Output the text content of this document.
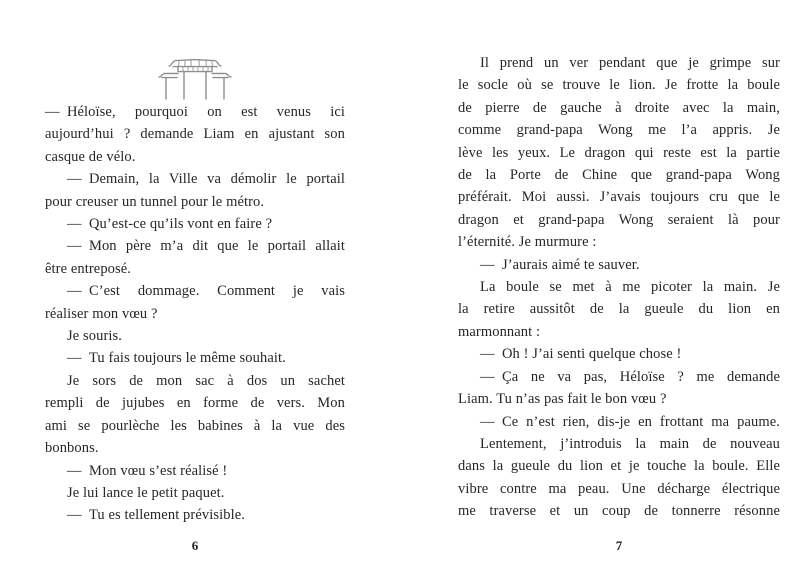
— Héloïse, pourquoi on est venus ici
aujourd’hui ? demande Liam en ajustant son
casque de vélo.
— Demain, la Ville va démolir le portail
pour creuser un tunnel pour le métro.
— Qu’est-ce qu’ils vont en faire ?
— Mon père m’a dit que le portail allait
être entreposé.
— C’est dommage. Comment je vais
réaliser mon vœu ?
Je souris.
— Tu fais toujours le même souhait.
Je sors de mon sac à dos un sachet
rempli de jujubes en forme de vers. Mon
ami se pourlèche les babines à la vue des
bonbons.
— Mon vœu s’est réalisé !
Je lui lance le petit paquet.
— Tu es tellement prévisible.
6
Il prend un ver pendant que je grimpe sur
le socle où se trouve le lion. Je frotte la boule
de pierre de gauche à droite avec la main,
comme grand-papa Wong me l’a appris. Je
lève les yeux. Le dragon qui reste est la partie
de la Porte de Chine que grand-papa Wong
préférait. Moi aussi. J’avais toujours cru que le
dragon et grand-papa Wong seraient là pour
l’éternité. Je murmure :
— J’aurais aimé te sauver.
La boule se met à me picoter la main. Je
la retire aussitôt de la gueule du lion en
marmonnant :
— Oh ! J’ai senti quelque chose !
— Ça ne va pas, Héloïse ? me demande
Liam. Tu n’as pas fait le bon vœu ?
— Ce n’est rien, dis-je en frottant ma paume.
Lentement, j’introduis la main de nouveau
dans la gueule du lion et je touche la boule. Elle
vibre contre ma peau. Une décharge électrique
me traverse et un coup de tonnerre résonne
7
